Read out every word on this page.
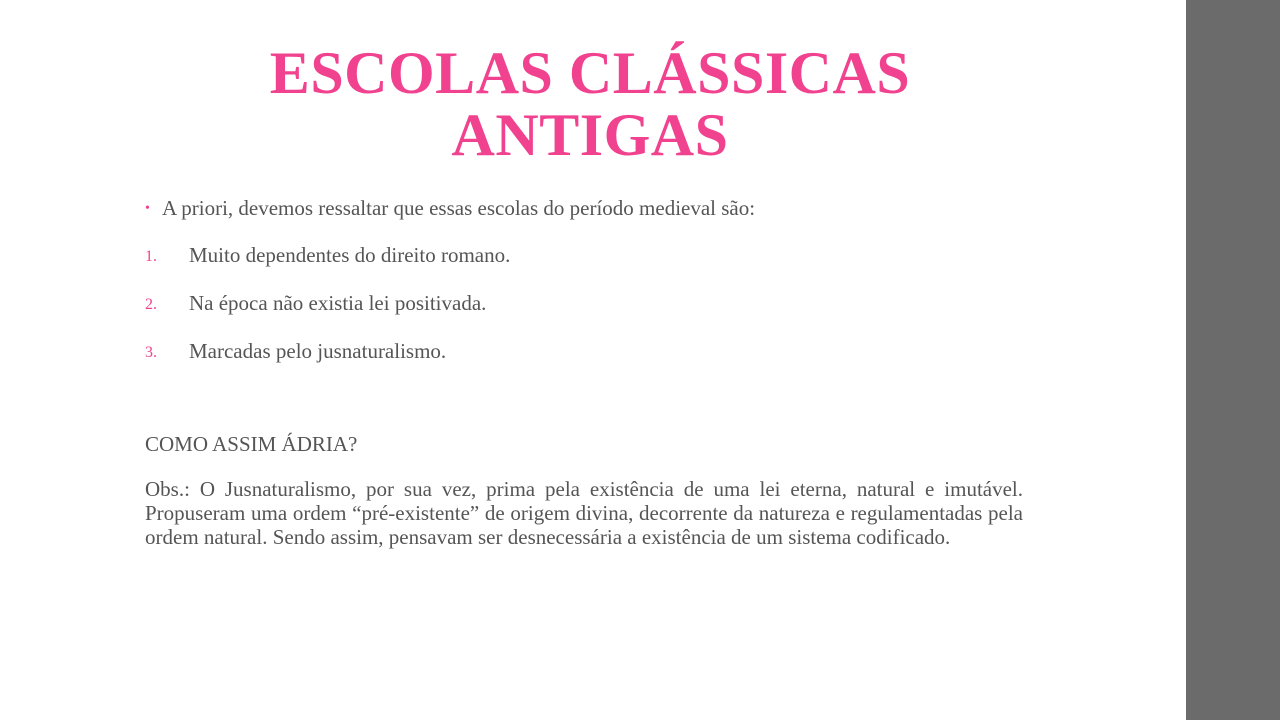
ESCOLAS CLÁSSICAS
ANTIGAS

• A priori, devemos ressaltar que essas escolas do período medieval são:

1. Muito dependentes do direito romano.
2. Na época não existia lei positivada.
3. Marcadas pelo jusnaturalismo.

COMO ASSIM ÁDRIA?

Obs.: O Jusnaturalismo, por sua vez, prima pela existência de uma lei eterna, natural e imutável. Propuseram uma ordem “pré-existente” de origem divina, decorrente da natureza e regulamentadas pela ordem natural. Sendo assim, pensavam ser desnecessária a existência de um sistema codificado.
